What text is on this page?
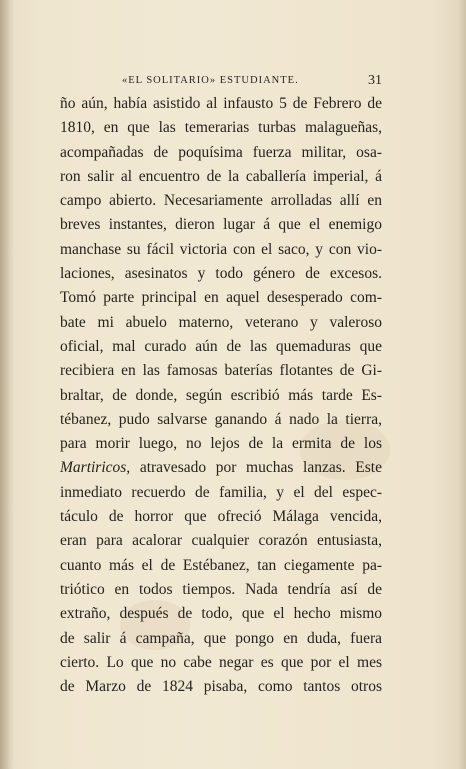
«EL SOLITARIO» ESTUDIANTE.	31
ño aún, había asistido al infausto 5 de Febrero de
1810, en que las temerarias turbas malagueñas,
acompañadas de poquísima fuerza militar, osa-
ron salir al encuentro de la caballería imperial, á
campo abierto. Necesariamente arrolladas allí en
breves instantes, dieron lugar á que el enemigo
manchase su fácil victoria con el saco, y con vio-
laciones, asesinatos y todo género de excesos.
Tomó parte principal en aquel desesperado com-
bate mi abuelo materno, veterano y valeroso
oficial, mal curado aún de las quemaduras que
recibiera en las famosas baterías flotantes de Gi-
braltar, de donde, según escribió más tarde Es-
tébanez, pudo salvarse ganando á nado la tierra,
para morir luego, no lejos de la ermita de los
Martiricos, atravesado por muchas lanzas. Este
inmediato recuerdo de familia, y el del espec-
táculo de horror que ofreció Málaga vencida,
eran para acalorar cualquier corazón entusiasta,
cuanto más el de Estébanez, tan ciegamente pa-
triótico en todos tiempos. Nada tendría así de
extraño, después de todo, que el hecho mismo
de salir á campaña, que pongo en duda, fuera
cierto. Lo que no cabe negar es que por el mes
de Marzo de 1824 pisaba, como tantos otros
